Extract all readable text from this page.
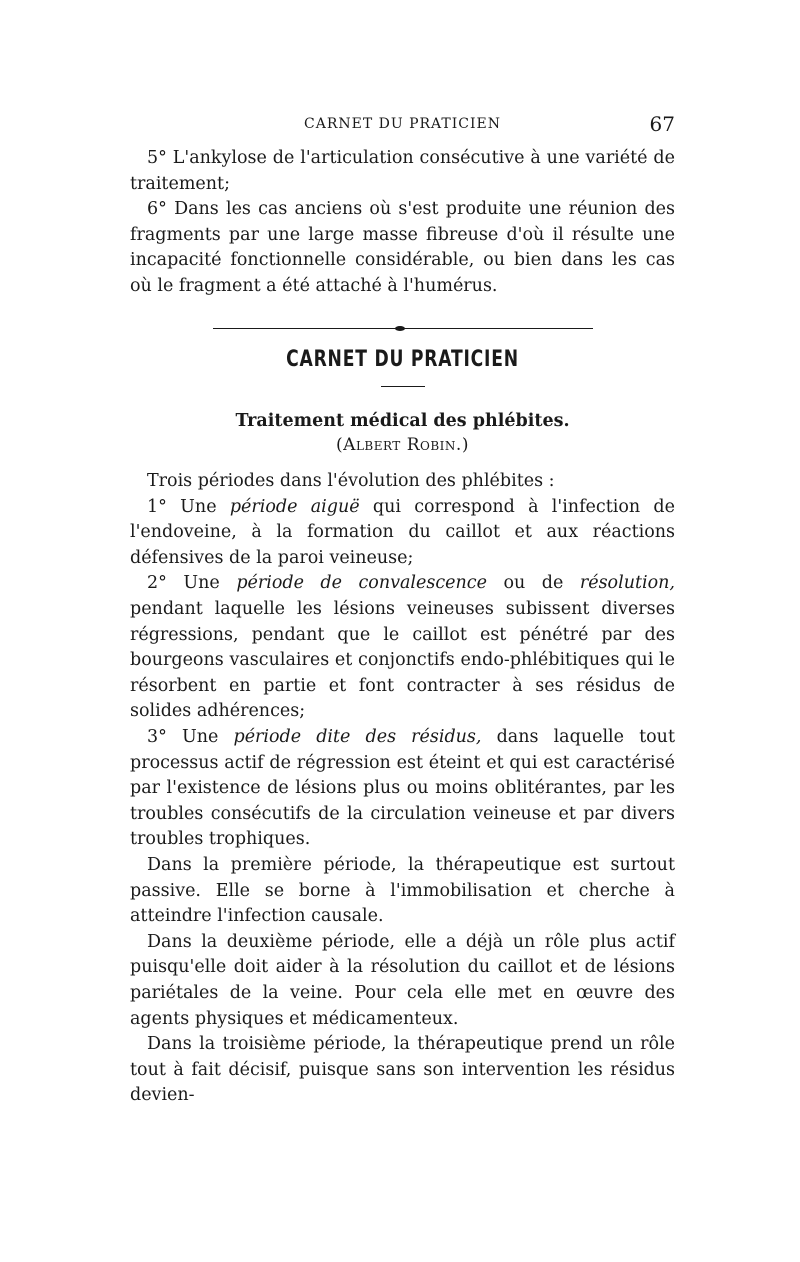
CARNET DU PRATICIEN	67

5° L'ankylose de l'articulation consécutive à une variété de traitement;

6° Dans les cas anciens où s'est produite une réunion des fragments par une large masse fibreuse d'où il résulte une incapacité fonctionnelle considérable, ou bien dans les cas où le fragment a été attaché à l'humérus.

CARNET DU PRATICIEN
Traitement médical des phlébites.
(Albert Robin.)

Trois périodes dans l'évolution des phlébites :

1° Une période aiguë qui correspond à l'infection de l'endoveine, à la formation du caillot et aux réactions défensives de la paroi veineuse;

2° Une période de convalescence ou de résolution, pendant laquelle les lésions veineuses subissent diverses régressions, pendant que le caillot est pénétré par des bourgeons vasculaires et conjonctifs endo-phlébitiques qui le résorbent en partie et font contracter à ses résidus de solides adhérences;

3° Une période dite des résidus, dans laquelle tout processus actif de régression est éteint et qui est caractérisé par l'existence de lésions plus ou moins oblitérantes, par les troubles consécutifs de la circulation veineuse et par divers troubles trophiques.

Dans la première période, la thérapeutique est surtout passive. Elle se borne à l'immobilisation et cherche à atteindre l'infection causale.

Dans la deuxième période, elle a déjà un rôle plus actif puisqu'elle doit aider à la résolution du caillot et de lésions pariétales de la veine. Pour cela elle met en œuvre des agents physiques et médicamenteux.

Dans la troisième période, la thérapeutique prend un rôle tout à fait décisif, puisque sans son intervention les résidus devien-
